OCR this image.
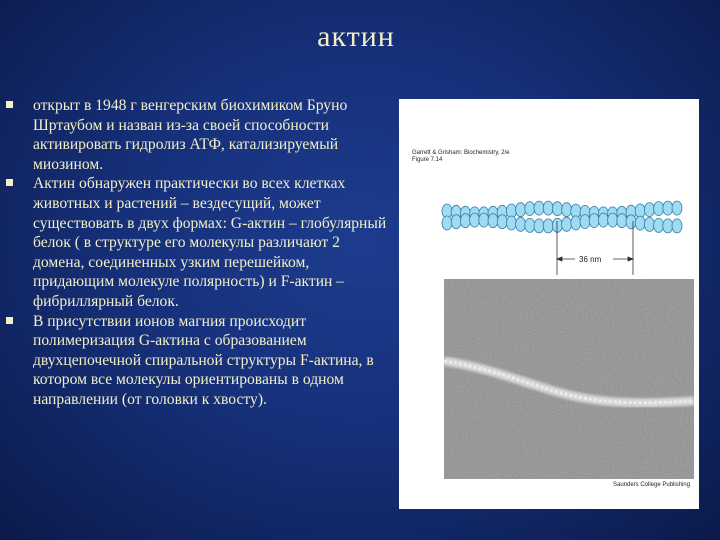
актин
открыт в 1948 г венгерским биохимиком Бруно Шртаубом и назван из-за своей способности активировать гидролиз АТФ, катализируемый миозином.
Актин обнаружен практически во всех клетках животных и растений – вездесущий, может существовать в двух формах: G-актин – глобулярный белок ( в структуре его молекулы различают 2 домена, соединенных узким перешейком, придающим молекуле полярность) и F-актин – фибриллярный белок.
В присутствии ионов магния происходит полимеризация G-актина с образованием двухцепочечной спиральной структуры F-актина, в котором все молекулы ориентированы в одном направлении (от головки к хвосту).
Garrett & Grisham: Biochemistry, 2/e
Figure 7.14
36 nm
Saunders College Publishing
